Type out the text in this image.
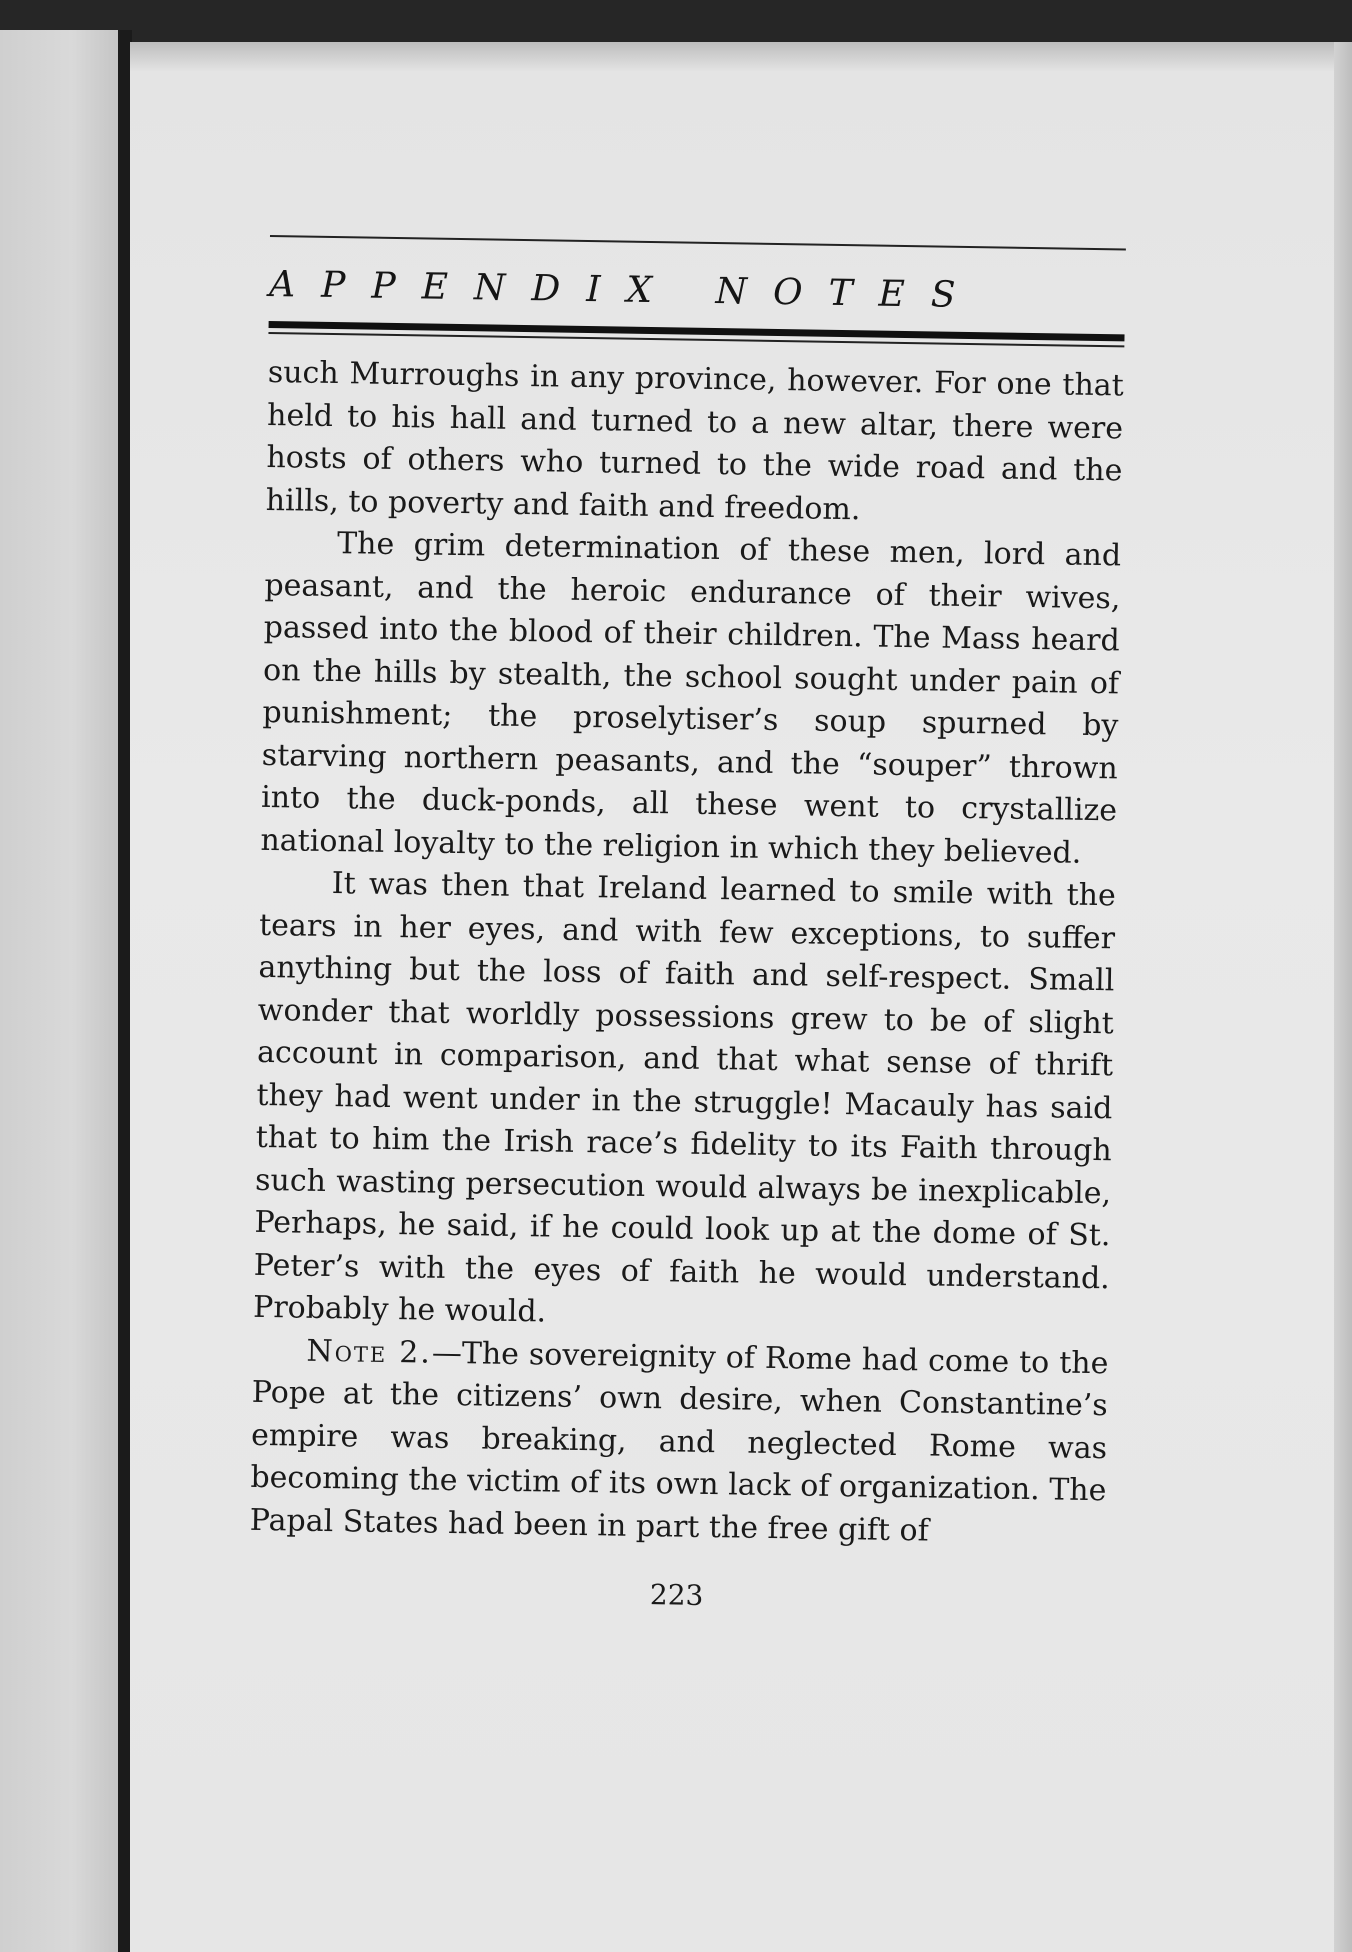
APPENDIX NOTES

such Murroughs in any province, however. For one that held to his hall and turned to a new altar, there were hosts of others who turned to the wide road and the hills, to poverty and faith and freedom.

The grim determination of these men, lord and peasant, and the heroic endurance of their wives, passed into the blood of their children. The Mass heard on the hills by stealth, the school sought under pain of punishment; the proselytiser’s soup spurned by starving northern peasants, and the “souper” thrown into the duck-ponds, all these went to crystallize national loyalty to the religion in which they believed.

It was then that Ireland learned to smile with the tears in her eyes, and with few exceptions, to suffer anything but the loss of faith and self-respect. Small wonder that worldly possessions grew to be of slight account in comparison, and that what sense of thrift they had went under in the struggle! Macauly has said that to him the Irish race’s fidelity to its Faith through such wasting persecution would always be inexplicable, Perhaps, he said, if he could look up at the dome of St. Peter’s with the eyes of faith he would understand. Probably he would.

Note 2.—The sovereignity of Rome had come to the Pope at the citizens’ own desire, when Constantine’s empire was breaking, and neglected Rome was becoming the victim of its own lack of organization. The Papal States had been in part the free gift of

223
